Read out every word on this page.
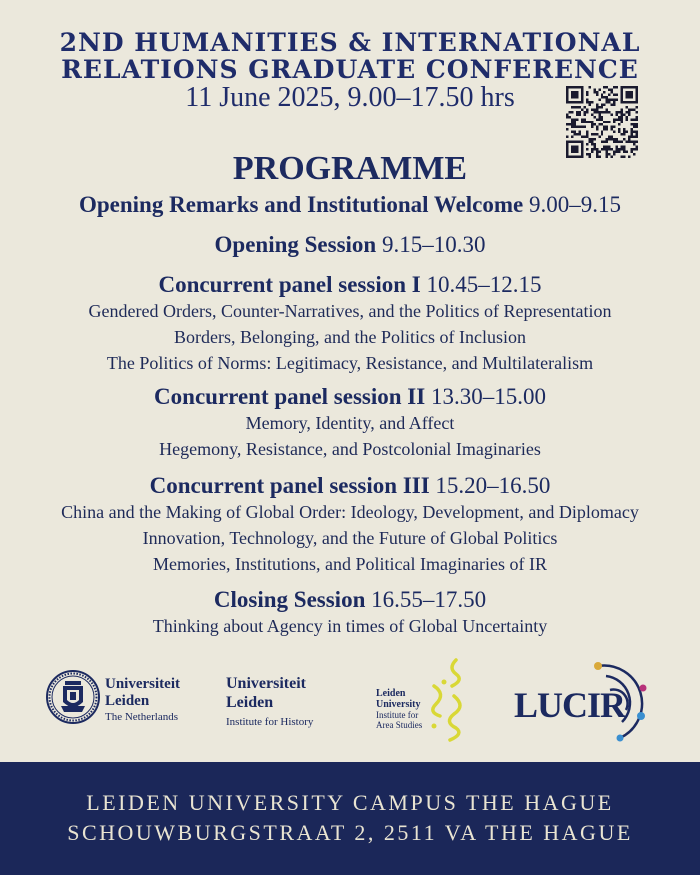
2ND HUMANITIES & INTERNATIONAL
RELATIONS GRADUATE CONFERENCE
11 June 2025, 9.00–17.50 hrs
PROGRAMME
Opening Remarks and Institutional Welcome 9.00–9.15
Opening Session 9.15–10.30
Concurrent panel session I 10.45–12.15
Gendered Orders, Counter-Narratives, and the Politics of Representation
Borders, Belonging, and the Politics of Inclusion
The Politics of Norms: Legitimacy, Resistance, and Multilateralism
Concurrent panel session II 13.30–15.00
Memory, Identity, and Affect
Hegemony, Resistance, and Postcolonial Imaginaries
Concurrent panel session III 15.20–16.50
China and the Making of Global Order: Ideology, Development, and Diplomacy
Innovation, Technology, and the Future of Global Politics
Memories, Institutions, and Political Imaginaries of IR
Closing Session 16.55–17.50
Thinking about Agency in times of Global Uncertainty
Universiteit
Leiden
The Netherlands
Universiteit
Leiden
Institute for History
Leiden
University
Institute for
Area Studies	LUCIR
LEIDEN UNIVERSITY CAMPUS THE HAGUE
SCHOUWBURGSTRAAT 2, 2511 VA THE HAGUE
